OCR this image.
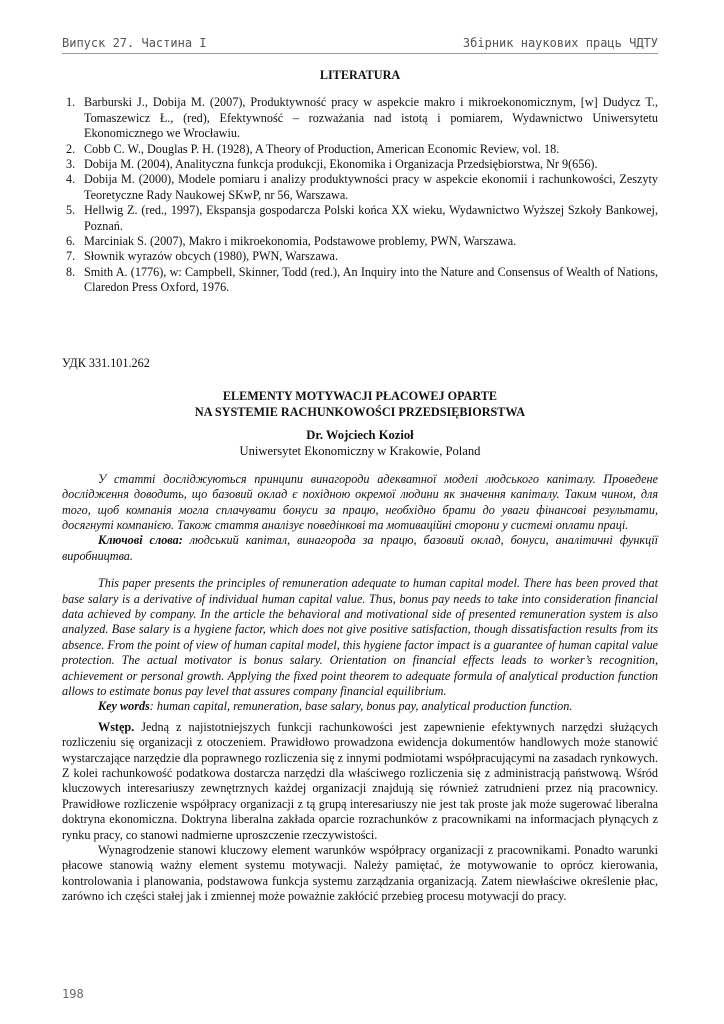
Випуск 27. Частина I	Збірник наукових праць ЧДТУ
LITERATURA
1. Barburski J., Dobija M. (2007), Produktywność pracy w aspekcie makro i mikroekonomicznym, [w] Dudycz T., Tomaszewicz Ł., (red), Efektywność – rozważania nad istotą i pomiarem, Wydawnictwo Uniwersytetu Ekonomicznego we Wrocławiu.
2. Cobb C. W., Douglas P. H. (1928), A Theory of Production, American Economic Review, vol. 18.
3. Dobija M. (2004), Analityczna funkcja produkcji, Ekonomika i Organizacja Przedsiębiorstwa, Nr 9(656).
4. Dobija M. (2000), Modele pomiaru i analizy produktywności pracy w aspekcie ekonomii i rachunkowości, Zeszyty Teoretyczne Rady Naukowej SKwP, nr 56, Warszawa.
5. Hellwig Z. (red., 1997), Ekspansja gospodarcza Polski końca XX wieku, Wydawnictwo Wyższej Szkoły Bankowej, Poznań.
6. Marciniak S. (2007), Makro i mikroekonomia, Podstawowe problemy, PWN, Warszawa.
7. Słownik wyrazów obcych (1980), PWN, Warszawa.
8. Smith A. (1776), w: Campbell, Skinner, Todd (red.), An Inquiry into the Nature and Consensus of Wealth of Nations, Claredon Press Oxford, 1976.
УДК 331.101.262
ELEMENTY MOTYWACJI PŁACOWEJ OPARTE
NA SYSTEMIE RACHUNKOWOŚCI PRZEDSIĘBIORSTWA
Dr. Wojciech Kozioł
Uniwersytet Ekonomiczny w Krakowie, Poland

У статті досліджуються принципи винагороди адекватної моделі людського капіталу. Проведене дослідження доводить, що базовий оклад є похідною окремої людини як значення капіталу. Таким чином, для того, щоб компанія могла сплачувати бонуси за працю, необхідно брати до уваги фінансові результати, досягнуті компанією. Також стаття аналізує поведінкові та мотиваційні сторони у системі оплати праці.

Ключові слова: людський капітал, винагорода за працю, базовий оклад, бонуси, аналітичні функції виробництва.

This paper presents the principles of remuneration adequate to human capital model. There has been proved that base salary is a derivative of individual human capital value. Thus, bonus pay needs to take into consideration financial data achieved by company. In the article the behavioral and motivational side of presented remuneration system is also analyzed. Base salary is a hygiene factor, which does not give positive satisfaction, though dissatisfaction results from its absence. From the point of view of human capital model, this hygiene factor impact is a guarantee of human capital value protection. The actual motivator is bonus salary. Orientation on financial effects leads to worker’s recognition, achievement or personal growth. Applying the fixed point theorem to adequate formula of analytical production function allows to estimate bonus pay level that assures company financial equilibrium.

Key words: human capital, remuneration, base salary, bonus pay, analytical production function.

Wstęp. Jedną z najistotniejszych funkcji rachunkowości jest zapewnienie efektywnych narzędzi służących rozliczeniu się organizacji z otoczeniem. Prawidłowo prowadzona ewidencja dokumentów handlowych może stanowić wystarczające narzędzie dla poprawnego rozliczenia się z innymi podmiotami współpracującymi na zasadach rynkowych. Z kolei rachunkowość podatkowa dostarcza narzędzi dla właściwego rozliczenia się z administracją państwową. Wśród kluczowych interesariuszy zewnętrznych każdej organizacji znajdują się również zatrudnieni przez nią pracownicy. Prawidłowe rozliczenie współpracy organizacji z tą grupą interesariuszy nie jest tak proste jak może sugerować liberalna doktryna ekonomiczna. Doktryna liberalna zakłada oparcie rozrachunków z pracownikami na informacjach płynących z rynku pracy, co stanowi nadmierne uproszczenie rzeczywistości.

Wynagrodzenie stanowi kluczowy element warunków współpracy organizacji z pracownikami. Ponadto warunki płacowe stanowią ważny element systemu motywacji. Należy pamiętać, że motywowanie to oprócz kierowania, kontrolowania i planowania, podstawowa funkcja systemu zarządzania organizacją. Zatem niewłaściwe określenie płac, zarówno ich części stałej jak i zmiennej może poważnie zakłócić przebieg procesu motywacji do pracy.

198
